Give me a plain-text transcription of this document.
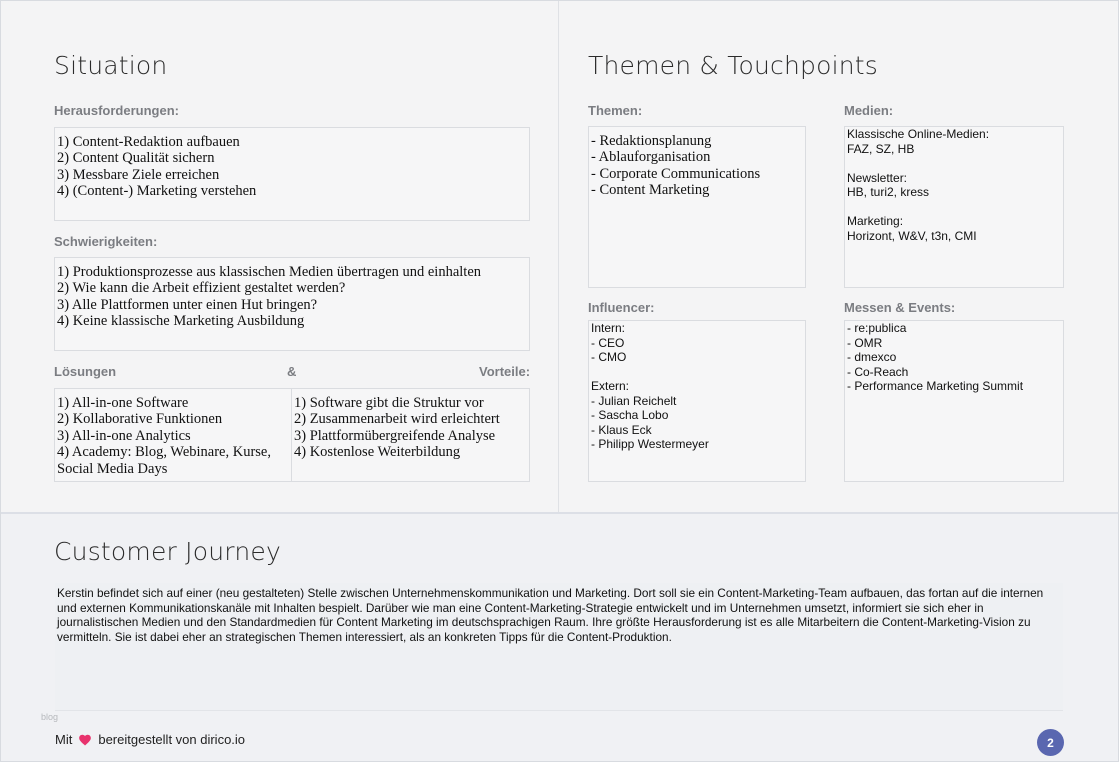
Situation
Herausforderungen:
1) Content-Redaktion aufbauen
2) Content Qualität sichern
3) Messbare Ziele erreichen
4) (Content-) Marketing verstehen
Schwierigkeiten:
1) Produktionsprozesse aus klassischen Medien übertragen und einhalten
2) Wie kann die Arbeit effizient gestaltet werden?
3) Alle Plattformen unter einen Hut bringen?
4) Keine klassische Marketing Ausbildung
Lösungen	&	Vorteile:
1) All-in-one Software
2) Kollaborative Funktionen
3) All-in-one Analytics
4) Academy: Blog, Webinare, Kurse, Social Media Days
1) Software gibt die Struktur vor
2) Zusammenarbeit wird erleichtert
3) Plattformübergreifende Analyse
4) Kostenlose Weiterbildung
Themen & Touchpoints
Themen:
- Redaktionsplanung
- Ablauforganisation
- Corporate Communications
- Content Marketing
Medien:
Klassische Online-Medien:
FAZ, SZ, HB

Newsletter:
HB, turi2, kress

Marketing:
Horizont, W&V, t3n, CMI
Influencer:
Intern:
- CEO
- CMO

Extern:
- Julian Reichelt
- Sascha Lobo
- Klaus Eck
- Philipp Westermeyer
Messen & Events:
- re:publica
- OMR
- dmexco
- Co-Reach
- Performance Marketing Summit
Customer Journey
Kerstin befindet sich auf einer (neu gestalteten) Stelle zwischen Unternehmenskommunikation und Marketing. Dort soll sie ein Content-Marketing-Team aufbauen, das fortan auf die internen und externen Kommunikationskanäle mit Inhalten bespielt. Darüber wie man eine Content-Marketing-Strategie entwickelt und im Unternehmen umsetzt, informiert sie sich eher in journalistischen Medien und den Standardmedien für Content Marketing im deutschsprachigen Raum. Ihre größte Herausforderung ist es alle Mitarbeitern die Content-Marketing-Vision zu vermitteln. Sie ist dabei eher an strategischen Themen interessiert, als an konkreten Tipps für die Content-Produktion.
blog
Mit bereitgestellt von dirico.io	2
